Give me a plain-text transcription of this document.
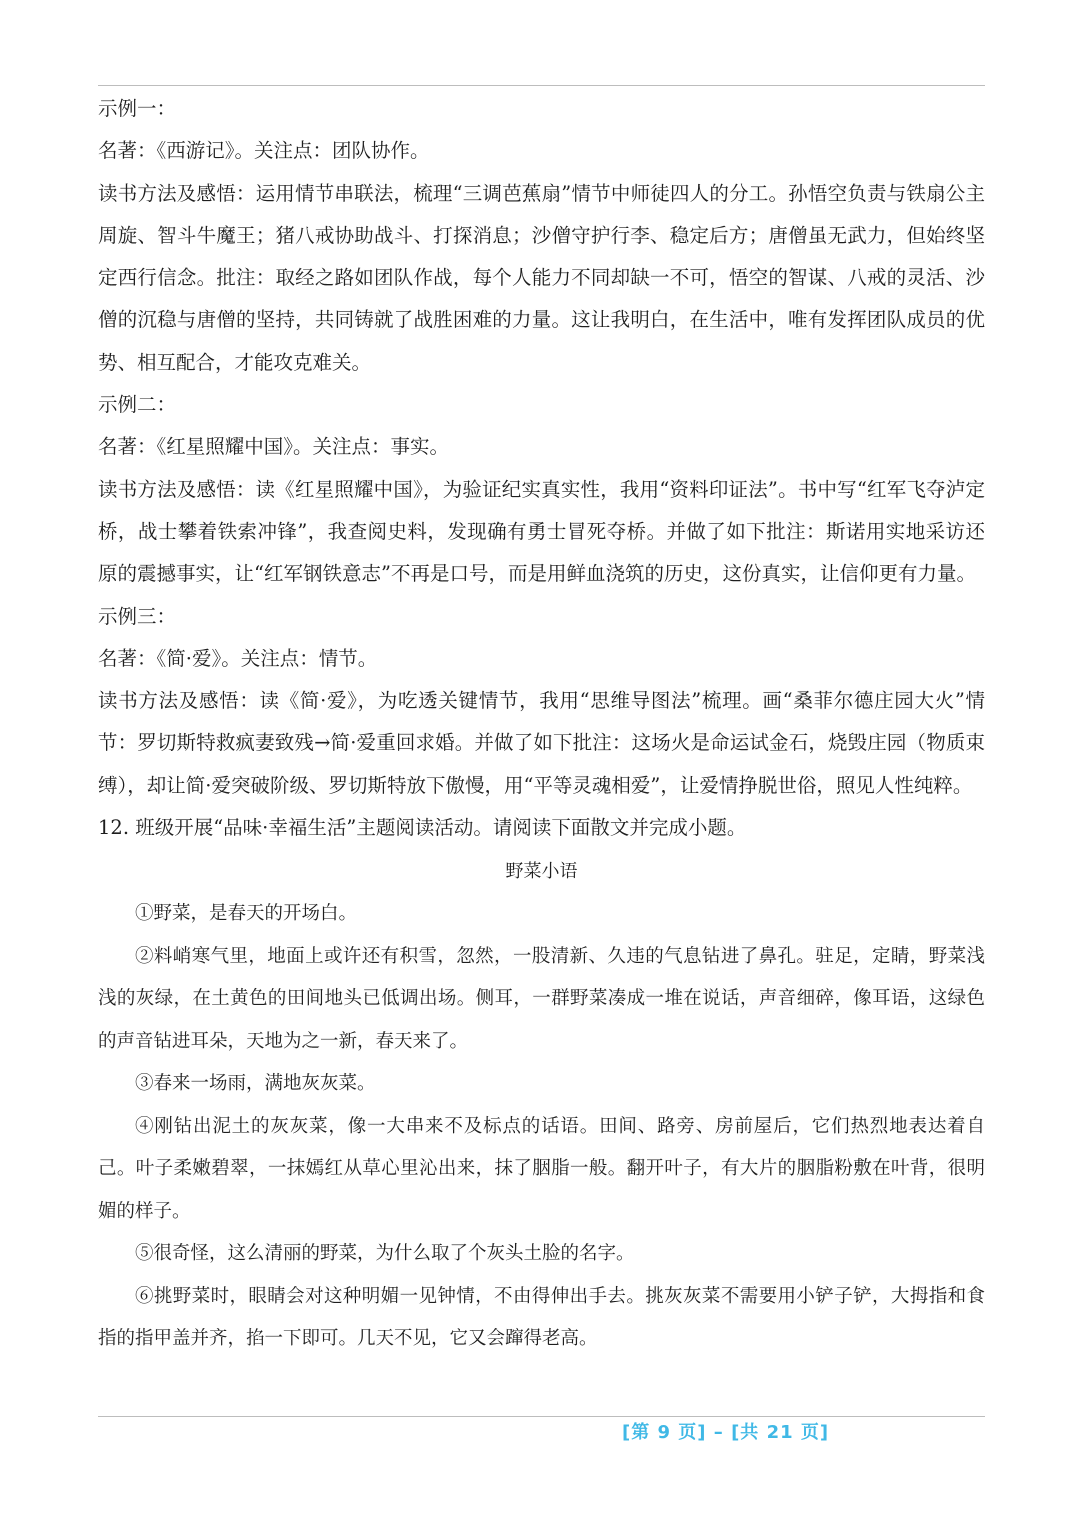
示例一：

名著：《西游记》。关注点：团队协作。

读书方法及感悟：运用情节串联法，梳理“三调芭蕉扇”情节中师徒四人的分工。孙悟空负责与铁扇公主周旋、智斗牛魔王；猪八戒协助战斗、打探消息；沙僧守护行李、稳定后方；唐僧虽无武力，但始终坚定西行信念。批注：取经之路如团队作战，每个人能力不同却缺一不可，悟空的智谋、八戒的灵活、沙僧的沉稳与唐僧的坚持，共同铸就了战胜困难的力量。这让我明白，在生活中，唯有发挥团队成员的优势、相互配合，才能攻克难关。

示例二：

名著：《红星照耀中国》。关注点：事实。

读书方法及感悟：读《红星照耀中国》，为验证纪实真实性，我用“资料印证法”。书中写“红军飞夺泸定桥，战士攀着铁索冲锋”，我查阅史料，发现确有勇士冒死夺桥。并做了如下批注：斯诺用实地采访还原的震撼事实，让“红军钢铁意志”不再是口号，而是用鲜血浇筑的历史，这份真实，让信仰更有力量。

示例三：

名著：《简·爱》。关注点：情节。

读书方法及感悟：读《简·爱》，为吃透关键情节，我用“思维导图法”梳理。画“桑菲尔德庄园大火”情节：罗切斯特救疯妻致残→简·爱重回求婚。并做了如下批注：这场火是命运试金石，烧毁庄园（物质束缚），却让简·爱突破阶级、罗切斯特放下傲慢，用“平等灵魂相爱”，让爱情挣脱世俗，照见人性纯粹。

12. 班级开展“品味·幸福生活”主题阅读活动。请阅读下面散文并完成小题。

野菜小语

①野菜，是春天的开场白。

②料峭寒气里，地面上或许还有积雪，忽然，一股清新、久违的气息钻进了鼻孔。驻足，定睛，野菜浅浅的灰绿，在土黄色的田间地头已低调出场。侧耳，一群野菜凑成一堆在说话，声音细碎，像耳语，这绿色的声音钻进耳朵，天地为之一新，春天来了。

③春来一场雨，满地灰灰菜。

④刚钻出泥土的灰灰菜，像一大串来不及标点的话语。田间、路旁、房前屋后，它们热烈地表达着自己。叶子柔嫩碧翠，一抹嫣红从草心里沁出来，抹了胭脂一般。翻开叶子，有大片的胭脂粉敷在叶背，很明媚的样子。

⑤很奇怪，这么清丽的野菜，为什么取了个灰头土脸的名字。

⑥挑野菜时，眼睛会对这种明媚一见钟情，不由得伸出手去。挑灰灰菜不需要用小铲子铲，大拇指和食指的指甲盖并齐，掐一下即可。几天不见，它又会蹿得老高。

[第 9 页] – [共 21 页]
